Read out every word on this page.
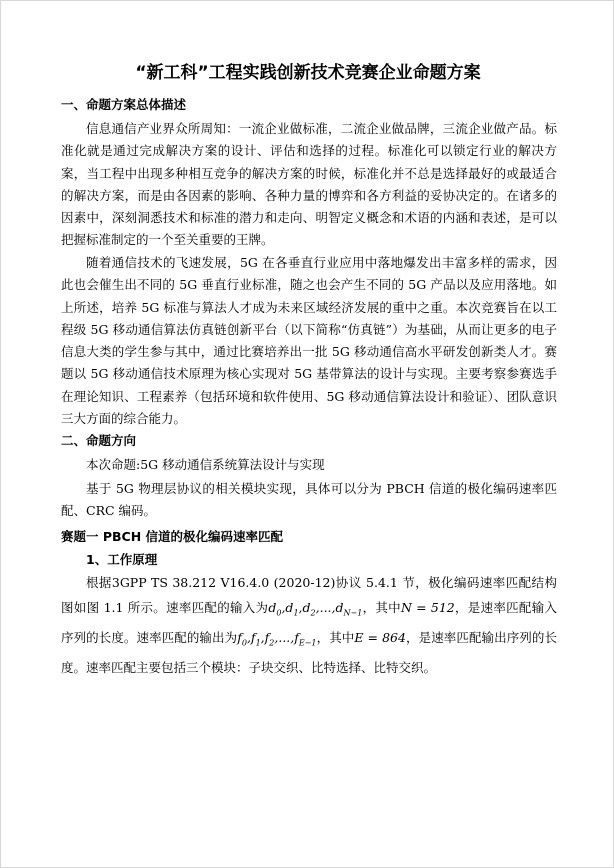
“新工科”工程实践创新技术竞赛企业命题方案
一、命题方案总体描述

信息通信产业界众所周知：一流企业做标准，二流企业做品牌，三流企业做产品。标准化就是通过完成解决方案的设计、评估和选择的过程。标准化可以锁定行业的解决方案，当工程中出现多种相互竞争的解决方案的时候，标准化并不总是选择最好的或最适合的解决方案，而是由各因素的影响、各种力量的博弈和各方利益的妥协决定的。在诸多的因素中，深刻洞悉技术和标准的潜力和走向、明智定义概念和术语的内涵和表述，是可以把握标准制定的一个至关重要的王牌。

随着通信技术的飞速发展，5G 在各垂直行业应用中落地爆发出丰富多样的需求，因此也会催生出不同的 5G 垂直行业标准，随之也会产生不同的 5G 产品以及应用落地。如上所述，培养 5G 标准与算法人才成为未来区域经济发展的重中之重。本次竞赛旨在以工程级 5G 移动通信算法仿真链创新平台（以下简称“仿真链”）为基础，从而让更多的电子信息大类的学生参与其中，通过比赛培养出一批 5G 移动通信高水平研发创新类人才。赛题以 5G 移动通信技术原理为核心实现对 5G 基带算法的设计与实现。主要考察参赛选手在理论知识、工程素养（包括环境和软件使用、5G 移动通信算法设计和验证）、团队意识三大方面的综合能力。

二、命题方向

本次命题:5G 移动通信系统算法设计与实现

基于 5G 物理层协议的相关模块实现，具体可以分为 PBCH 信道的极化编码速率匹配、CRC 编码。

赛题一 PBCH 信道的极化编码速率匹配
1、工作原理

根据3GPP TS 38.212 V16.4.0 (2020-12)协议 5.4.1 节，极化编码速率匹配结构图如图 1.1 所示。速率匹配的输入为$d_0,d_1,d_2,...,d_{N-1}$，其中N = 512，是速率匹配输入序列的长度。速率匹配的输出为$f_0,f_1,f_2,...,f_{E-1}$，其中E = 864，是速率匹配输出序列的长度。速率匹配主要包括三个模块：子块交织、比特选择、比特交织。
